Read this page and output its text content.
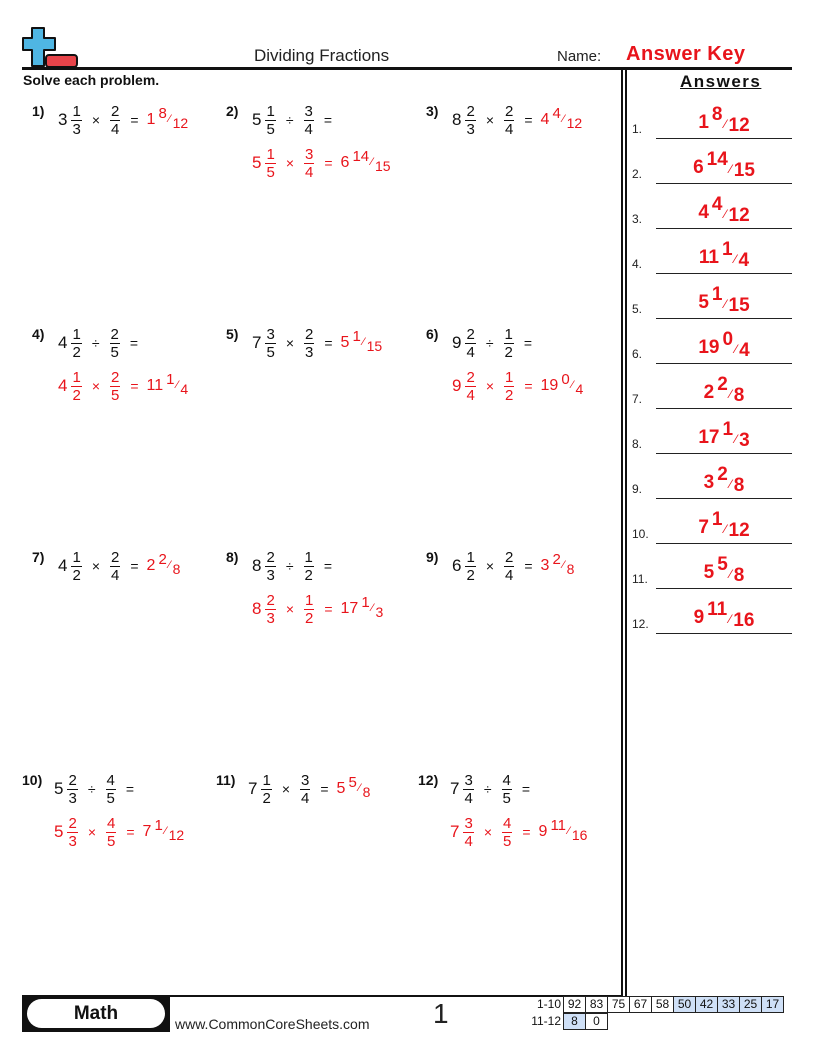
Dividing Fractions	Name: Answer Key
Solve each problem.	Answers
1) $3 \frac{1}{3} \times \frac{2}{4} = 1$ 8 ⁄ 12
2) $5 \frac{1}{5} \div \frac{3}{4}$ =
$5 \frac{1}{5} \times \frac{3}{4} = 6$ 14 ⁄ 15
3) $8 \frac{2}{3} \times \frac{2}{4} = 4$ 4 ⁄ 12
4) $4 \frac{1}{2} \div \frac{2}{5}$ =
$4 \frac{1}{2} \times \frac{2}{5} = 11$ 1 ⁄ 4
5) $7 \frac{3}{5} \times \frac{2}{3} = 5$ 1 ⁄ 15
6) $9 \frac{2}{4} \div \frac{1}{2}$ =
$9 \frac{2}{4} \times \frac{1}{2} = 19$ 0 ⁄ 4
7) $4 \frac{1}{2} \times \frac{2}{4} = 2$ 2 ⁄ 8
8) $8 \frac{2}{3} \div \frac{1}{2}$ =
$8 \frac{2}{3} \times \frac{1}{2} = 17$ 1 ⁄ 3
9) $6 \frac{1}{2} \times \frac{2}{4} = 3$ 2 ⁄ 8
10) $5 \frac{2}{3} \div \frac{4}{5}$ =
$5 \frac{2}{3} \times \frac{4}{5} = 7$ 1 ⁄ 12
11) $7 \frac{1}{2} \times \frac{3}{4} = 5$ 5 ⁄ 8
12) $7 \frac{3}{4} \div \frac{4}{5}$ =
$7 \frac{3}{4} \times \frac{4}{5} = 9$ 11 ⁄ 16
1.	1 8 ⁄ 12
2.	6 14 ⁄ 15
3.	4 4 ⁄ 12
4.	11 1 ⁄ 4
5.	5 1 ⁄ 15
6.	19 0 ⁄ 4
7.	2 2 ⁄ 8
8.	17 1 ⁄ 3
9.	3 2 ⁄ 8
10.	7 1 ⁄ 12
11.	5 5 ⁄ 8
12.	9 11 ⁄ 16
Math	www.CommonCoreSheets.com 1	1-10 92 83 75 67 58 50 42 33 25 17
11-12 8	0
